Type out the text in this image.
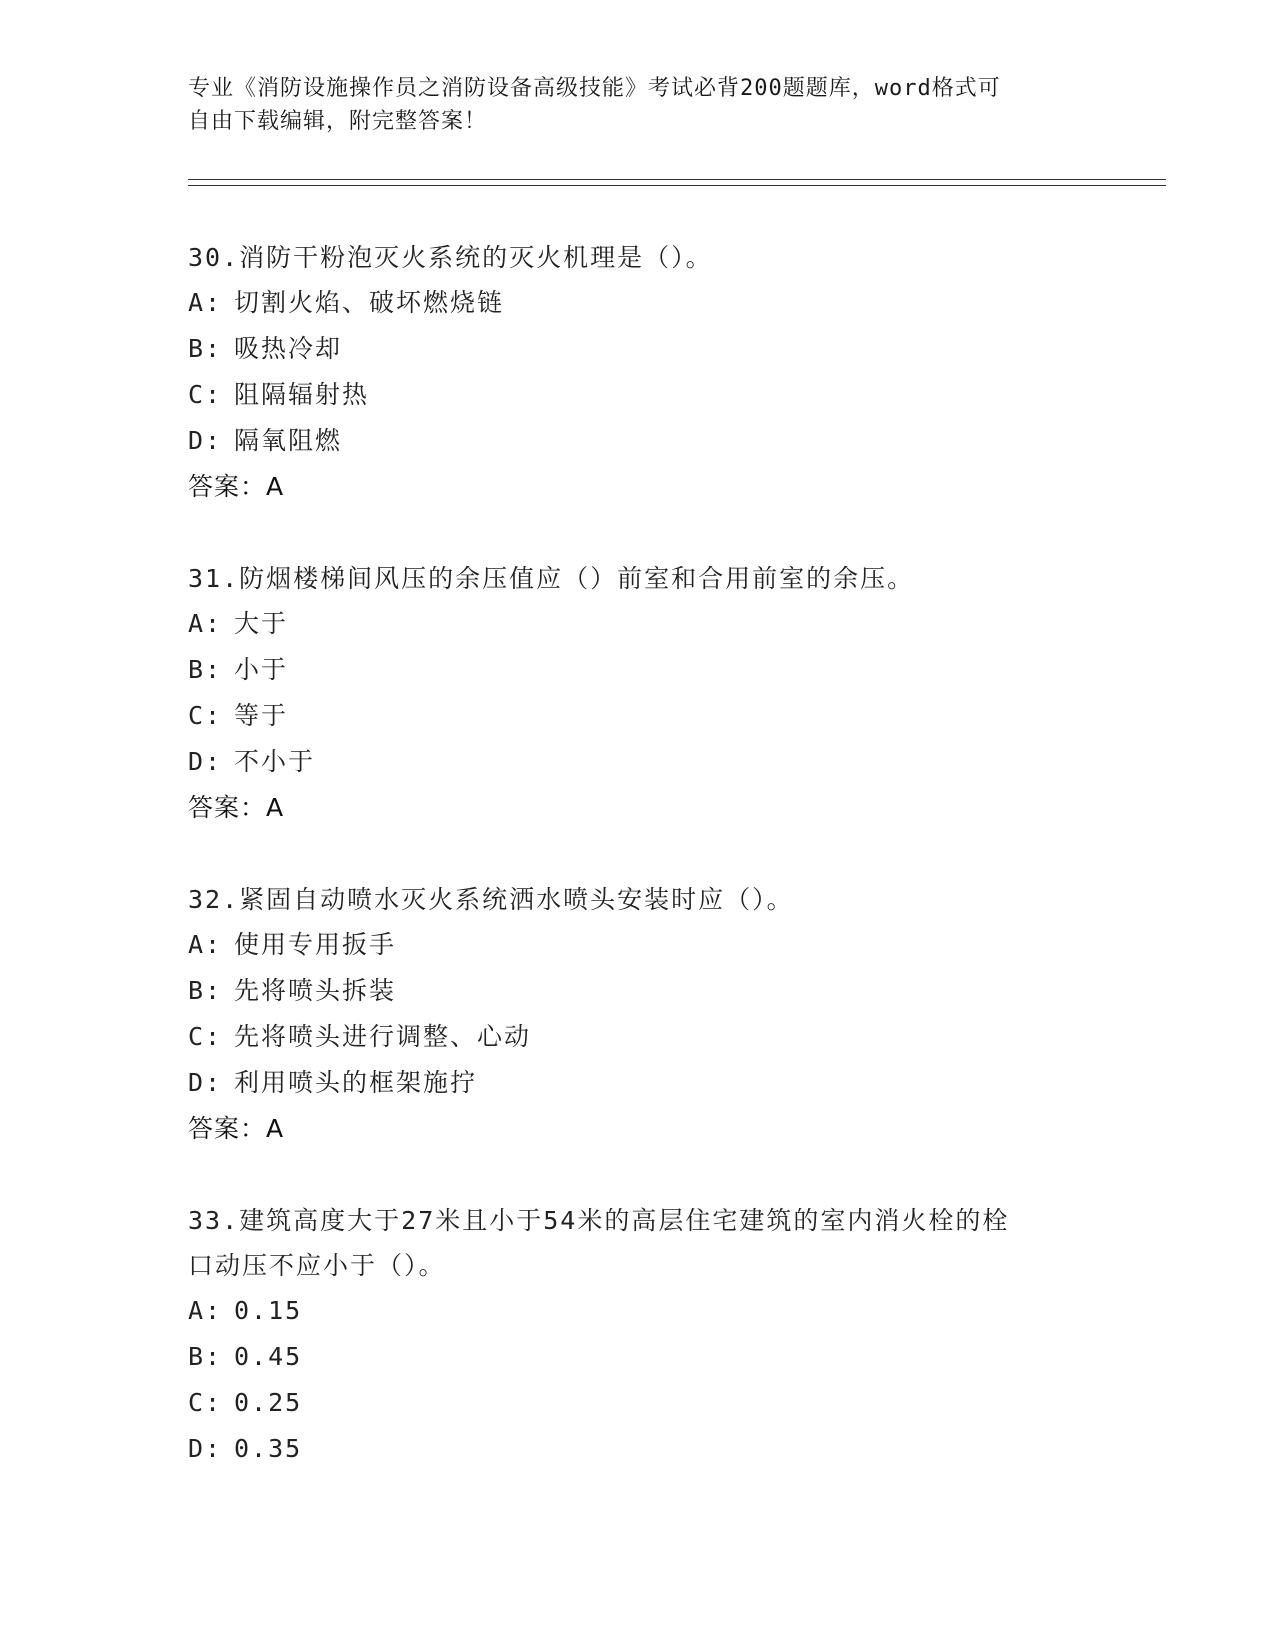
专业《消防设施操作员之消防设备高级技能》考试必背200题题库，word格式可
自由下载编辑，附完整答案！

30.消防干粉泡灭火系统的灭火机理是（）。

A: 切割火焰、破坏燃烧链
B: 吸热冷却
C: 阻隔辐射热
D: 隔氧阻燃
答案：A

31.防烟楼梯间风压的余压值应（）前室和合用前室的余压。

A: 大于
B: 小于
C: 等于
D: 不小于
答案：A

32.紧固自动喷水灭火系统洒水喷头安装时应（）。

A: 使用专用扳手
B: 先将喷头拆装
C: 先将喷头进行调整、心动
D: 利用喷头的框架施拧
答案：A

33.建筑高度大于27米且小于54米的高层住宅建筑的室内消火栓的栓
口动压不应小于（）。

A: 0.15
B: 0.45
C: 0.25
D: 0.35
